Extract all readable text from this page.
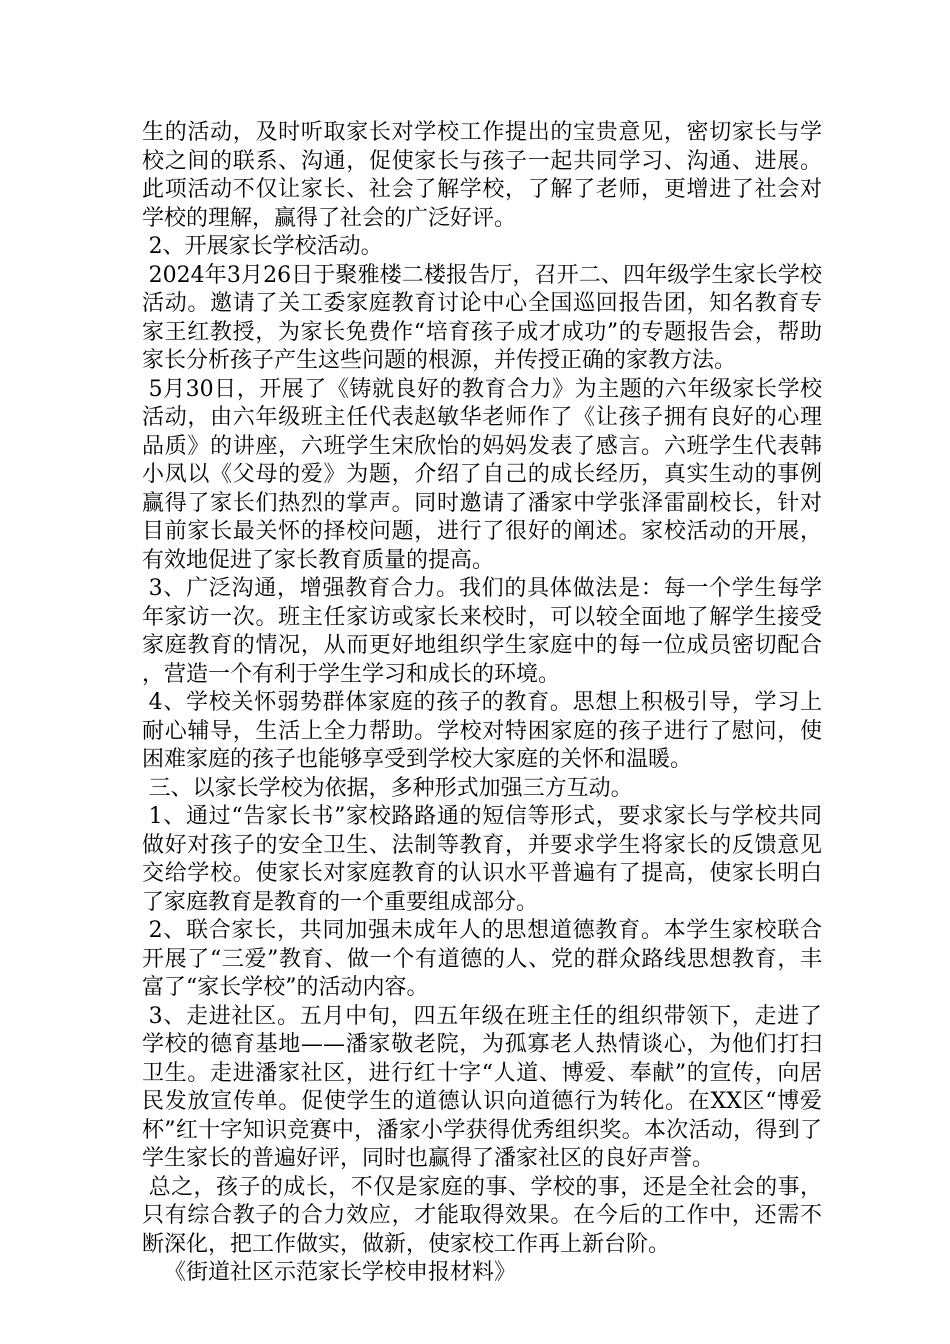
生的活动，及时听取家长对学校工作提出的宝贵意见，密切家长与学校之间的联系、沟通，促使家长与孩子一起共同学习、沟通、进展。此项活动不仅让家长、社会了解学校，了解了老师，更增进了社会对学校的理解，赢得了社会的广泛好评。

2、开展家长学校活动。

2024年3月26日于聚雅楼二楼报告厅，召开二、四年级学生家长学校活动。邀请了关工委家庭教育讨论中心全国巡回报告团，知名教育专家王红教授，为家长免费作“培育孩子成才成功”的专题报告会，帮助家长分析孩子产生这些问题的根源，并传授正确的家教方法。

5月30日，开展了《铸就良好的教育合力》为主题的六年级家长学校活动，由六年级班主任代表赵敏华老师作了《让孩子拥有良好的心理品质》的讲座，六班学生宋欣怡的妈妈发表了感言。六班学生代表韩小凤以《父母的爱》为题，介绍了自己的成长经历，真实生动的事例赢得了家长们热烈的掌声。同时邀请了潘家中学张泽雷副校长，针对目前家长最关怀的择校问题，进行了很好的阐述。家校活动的开展，有效地促进了家长教育质量的提高。

3、广泛沟通，增强教育合力。我们的具体做法是：每一个学生每学年家访一次。班主任家访或家长来校时，可以较全面地了解学生接受家庭教育的情况，从而更好地组织学生家庭中的每一位成员密切配合，营造一个有利于学生学习和成长的环境。

4、学校关怀弱势群体家庭的孩子的教育。思想上积极引导，学习上耐心辅导，生活上全力帮助。学校对特困家庭的孩子进行了慰问，使困难家庭的孩子也能够享受到学校大家庭的关怀和温暖。

三、以家长学校为依据，多种形式加强三方互动。

1、通过“告家长书”家校路路通的短信等形式，要求家长与学校共同做好对孩子的安全卫生、法制等教育，并要求学生将家长的反馈意见交给学校。使家长对家庭教育的认识水平普遍有了提高，使家长明白了家庭教育是教育的一个重要组成部分。

2、联合家长，共同加强未成年人的思想道德教育。本学生家校联合开展了“三爱”教育、做一个有道德的人、党的群众路线思想教育，丰富了“家长学校”的活动内容。

3、走进社区。五月中旬，四五年级在班主任的组织带领下，走进了学校的德育基地——潘家敬老院，为孤寡老人热情谈心，为他们打扫卫生。走进潘家社区，进行红十字“人道、博爱、奉献”的宣传，向居民发放宣传单。促使学生的道德认识向道德行为转化。在XX区“博爱杯”红十字知识竞赛中，潘家小学获得优秀组织奖。本次活动，得到了学生家长的普遍好评，同时也赢得了潘家社区的良好声誉。

总之，孩子的成长，不仅是家庭的事、学校的事，还是全社会的事，只有综合教子的合力效应，才能取得效果。在今后的工作中，还需不断深化，把工作做实，做新，使家校工作再上新台阶。

《街道社区示范家长学校申报材料》
